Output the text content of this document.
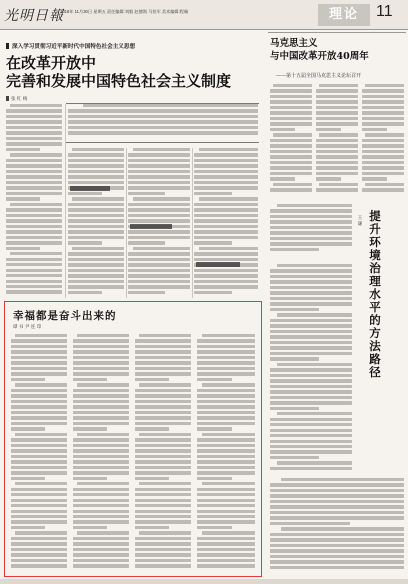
光明日報
2018年 11月30日 星期五 责任编辑:刘毅 赵德润 马伯军 美术编辑:程佩	理论	11
深入学习贯彻习近平新时代中国特色社会主义思想
在改革开放中
完善和发展中国特色社会主义制度
张 红 梅
幸福都是奋斗出来的
谭 书 尹 连 印
马克思主义
与中国改革开放40周年
——第十五届全国马克思主义论坛召开
王 谦
提
升
环
境
治
理
水
平
的
方
法
路
径
